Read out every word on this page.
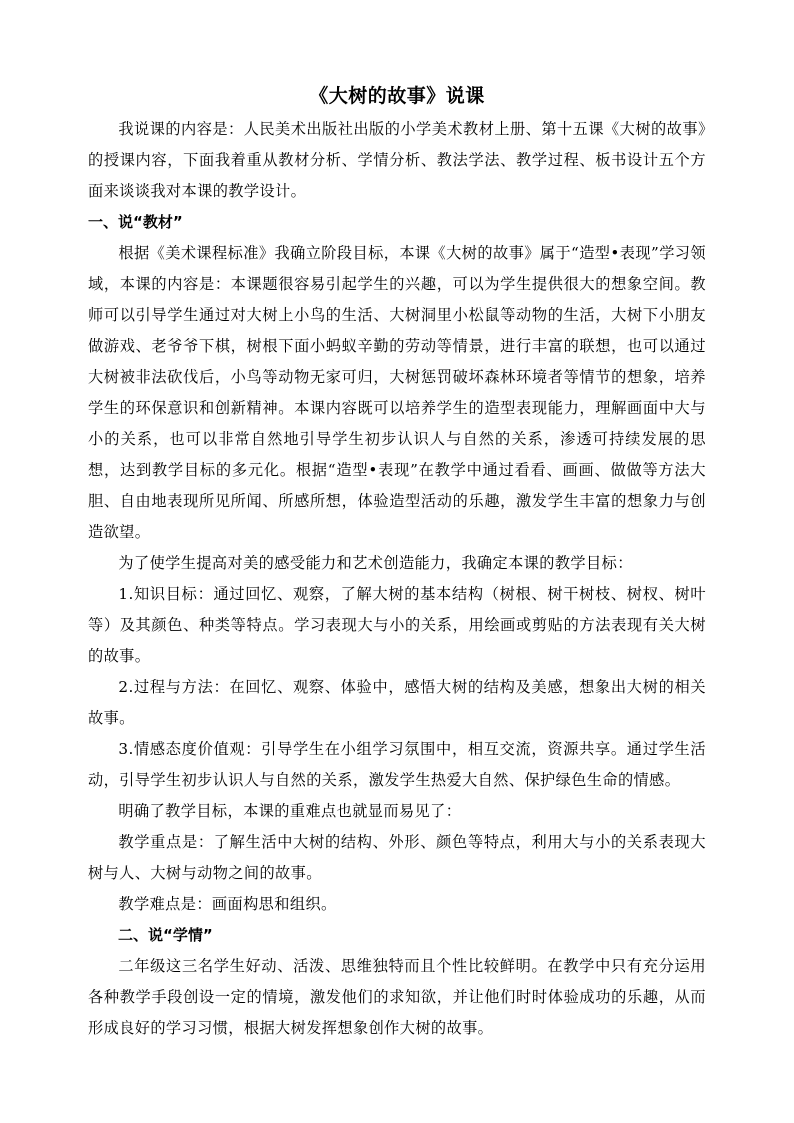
《大树的故事》说课

我说课的内容是：人民美术出版社出版的小学美术教材上册、第十五课《大树的故事》的授课内容，下面我着重从教材分析、学情分析、教法学法、教学过程、板书设计五个方面来谈谈我对本课的教学设计。

一、说“教材”

根据《美术课程标准》我确立阶段目标，本课《大树的故事》属于“造型•表现”学习领域，本课的内容是：本课题很容易引起学生的兴趣，可以为学生提供很大的想象空间。教师可以引导学生通过对大树上小鸟的生活、大树洞里小松鼠等动物的生活，大树下小朋友做游戏、老爷爷下棋，树根下面小蚂蚁辛勤的劳动等情景，进行丰富的联想，也可以通过大树被非法砍伐后，小鸟等动物无家可归，大树惩罚破坏森林环境者等情节的想象，培养学生的环保意识和创新精神。本课内容既可以培养学生的造型表现能力，理解画面中大与小的关系，也可以非常自然地引导学生初步认识人与自然的关系，渗透可持续发展的思想，达到教学目标的多元化。根据“造型•表现”在教学中通过看看、画画、做做等方法大胆、自由地表现所见所闻、所感所想，体验造型活动的乐趣，激发学生丰富的想象力与创造欲望。

为了使学生提高对美的感受能力和艺术创造能力，我确定本课的教学目标：

1.知识目标：通过回忆、观察，了解大树的基本结构（树根、树干树枝、树杈、树叶等）及其颜色、种类等特点。学习表现大与小的关系，用绘画或剪贴的方法表现有关大树的故事。

2.过程与方法：在回忆、观察、体验中，感悟大树的结构及美感，想象出大树的相关故事。

3.情感态度价值观：引导学生在小组学习氛围中，相互交流，资源共享。通过学生活动，引导学生初步认识人与自然的关系，激发学生热爱大自然、保护绿色生命的情感。

明确了教学目标，本课的重难点也就显而易见了：

教学重点是：了解生活中大树的结构、外形、颜色等特点，利用大与小的关系表现大树与人、大树与动物之间的故事。

教学难点是：画面构思和组织。

二、说“学情”

二年级这三名学生好动、活泼、思维独特而且个性比较鲜明。在教学中只有充分运用各种教学手段创设一定的情境，激发他们的求知欲，并让他们时时体验成功的乐趣，从而形成良好的学习习惯，根据大树发挥想象创作大树的故事。
